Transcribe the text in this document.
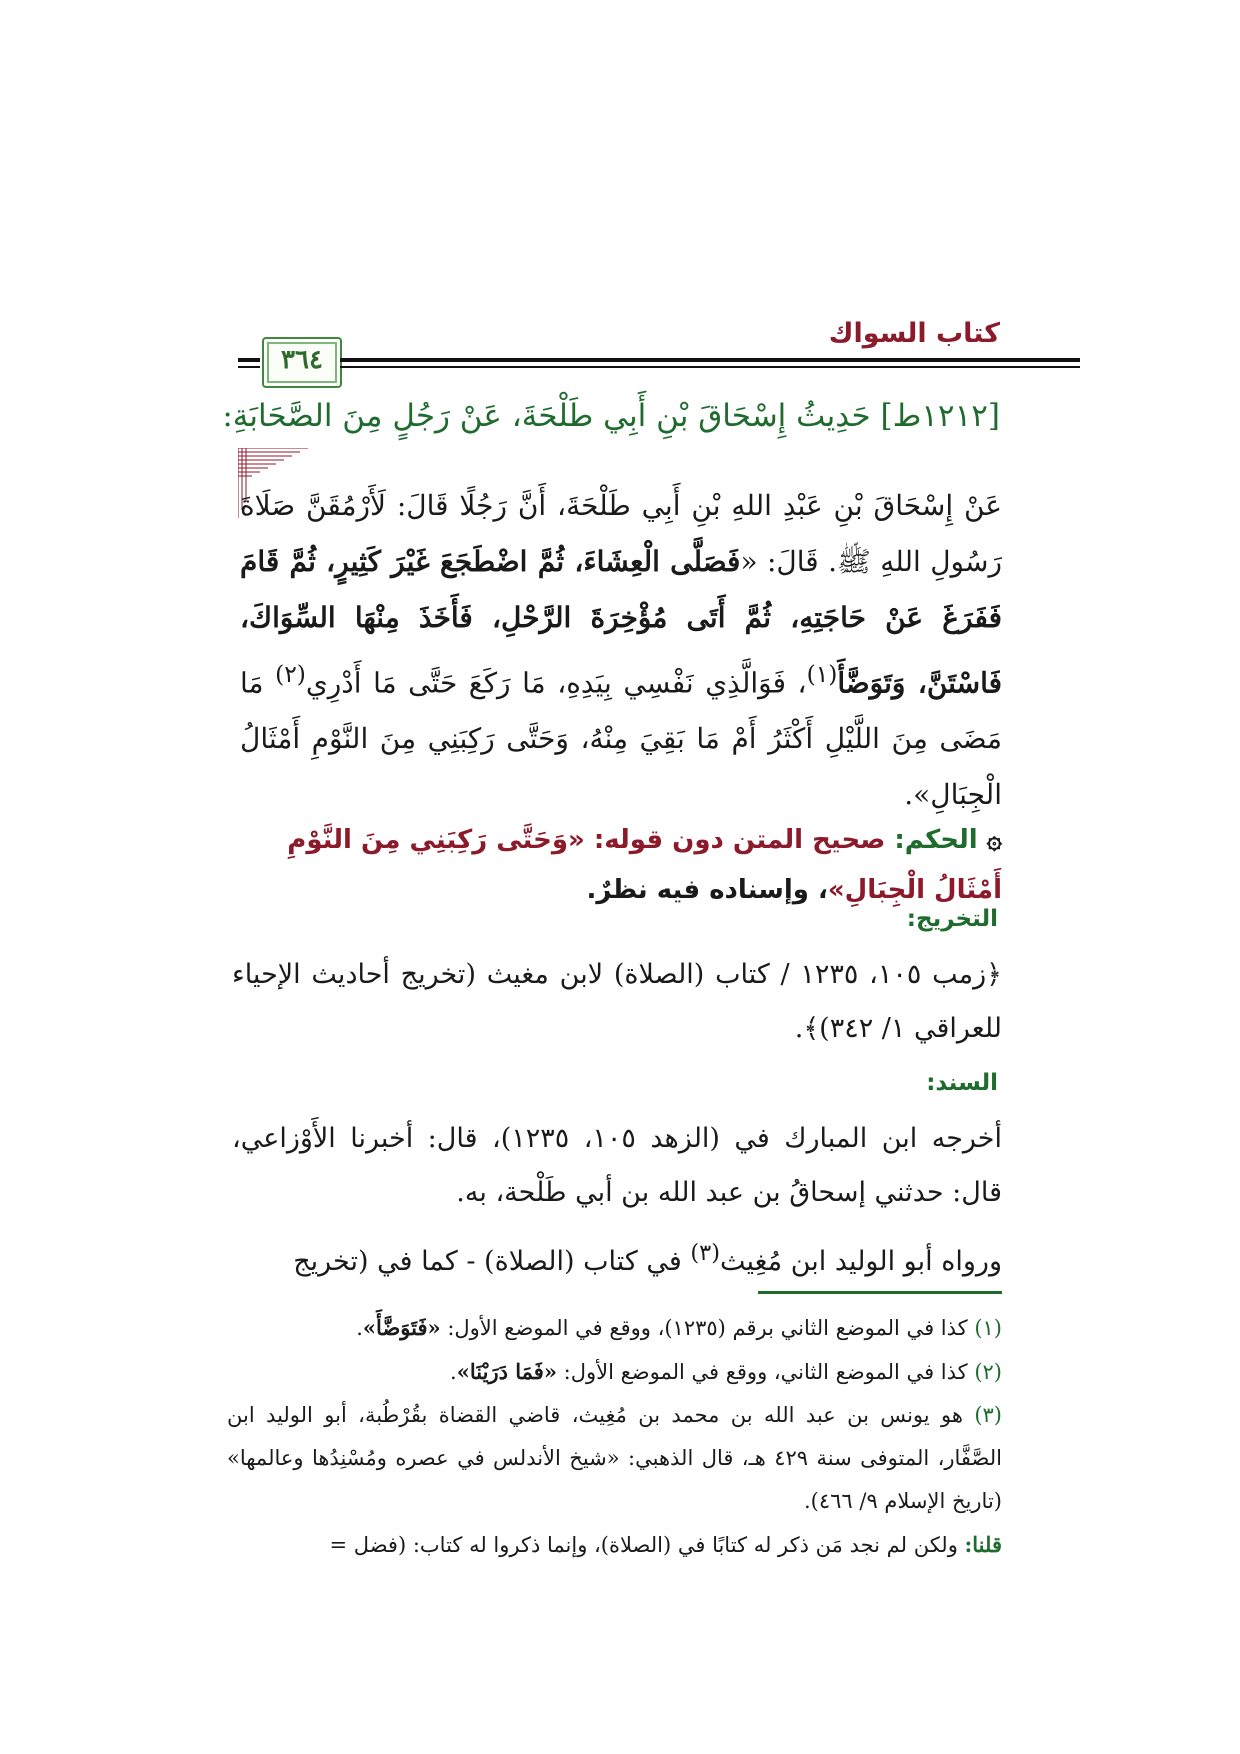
كتاب السواك
٣٦٤
[١٢١٢ط] حَدِيثُ إِسْحَاقَ بْنِ أَبِي طَلْحَةَ، عَنْ رَجُلٍ مِنَ الصَّحَابَةِ:
عَنْ إِسْحَاقَ بْنِ عَبْدِ اللهِ بْنِ أَبِي طَلْحَةَ، أَنَّ رَجُلًا قَالَ: لَأَرْمُقَنَّ صَلَاةَ رَسُولِ اللهِ ﷺ. قَالَ: «فَصَلَّى الْعِشَاءَ، ثُمَّ اضْطَجَعَ غَيْرَ كَثِيرٍ، ثُمَّ قَامَ فَفَرَغَ عَنْ حَاجَتِهِ، ثُمَّ أَتَى مُؤْخِرَةَ الرَّحْلِ، فَأَخَذَ مِنْهَا السِّوَاكَ، فَاسْتَنَّ، وَتَوَضَّأَ$^{(١)}$، فَوَالَّذِي نَفْسِي بِيَدِهِ، مَا رَكَعَ حَتَّى مَا أَدْرِي$^{(٢)}$ مَا مَضَى مِنَ اللَّيْلِ أَكْثَرُ أَمْ مَا بَقِيَ مِنْهُ، وَحَتَّى رَكِبَنِي مِنَ النَّوْمِ أَمْثَالُ الْجِبَالِ».
۞ الحكم: صحيح المتن دون قوله: «وَحَتَّى رَكِبَنِي مِنَ النَّوْمِ أَمْثَالُ الْجِبَالِ»، وإسناده فيه نظرٌ.
التخريج:
﴿زمب ١٠٥، ١٢٣٥ / كتاب (الصلاة) لابن مغيث (تخريج أحاديث الإحياء للعراقي ١/ ٣٤٢)﴾.
السند:
أخرجه ابن المبارك في (الزهد ١٠٥، ١٢٣٥)، قال: أخبرنا الأَوْزاعي، قال: حدثني إسحاقُ بن عبد الله بن أبي طَلْحة، به.
ورواه أبو الوليد ابن مُغِيث$^{(٣)}$ في كتاب (الصلاة) - كما في (تخريج
(١) كذا في الموضع الثاني برقم (١٢٣٥)، ووقع في الموضع الأول: «فَتَوَضَّأَ».
(٢) كذا في الموضع الثاني، ووقع في الموضع الأول: «فَمَا دَرَيْنَا».
(٣) هو يونس بن عبد الله بن محمد بن مُغِيث، قاضي القضاة بقُرْطُبة، أبو الوليد ابن الصَّفَّار، المتوفى سنة ٤٢٩ هـ، قال الذهبي: «شيخ الأندلس في عصره ومُسْنِدُها وعالمها» (تاريخ الإسلام ٩/ ٤٦٦).
قلنا: ولكن لم نجد مَن ذكر له كتابًا في (الصلاة)، وإنما ذكروا له كتاب: (فضل =
